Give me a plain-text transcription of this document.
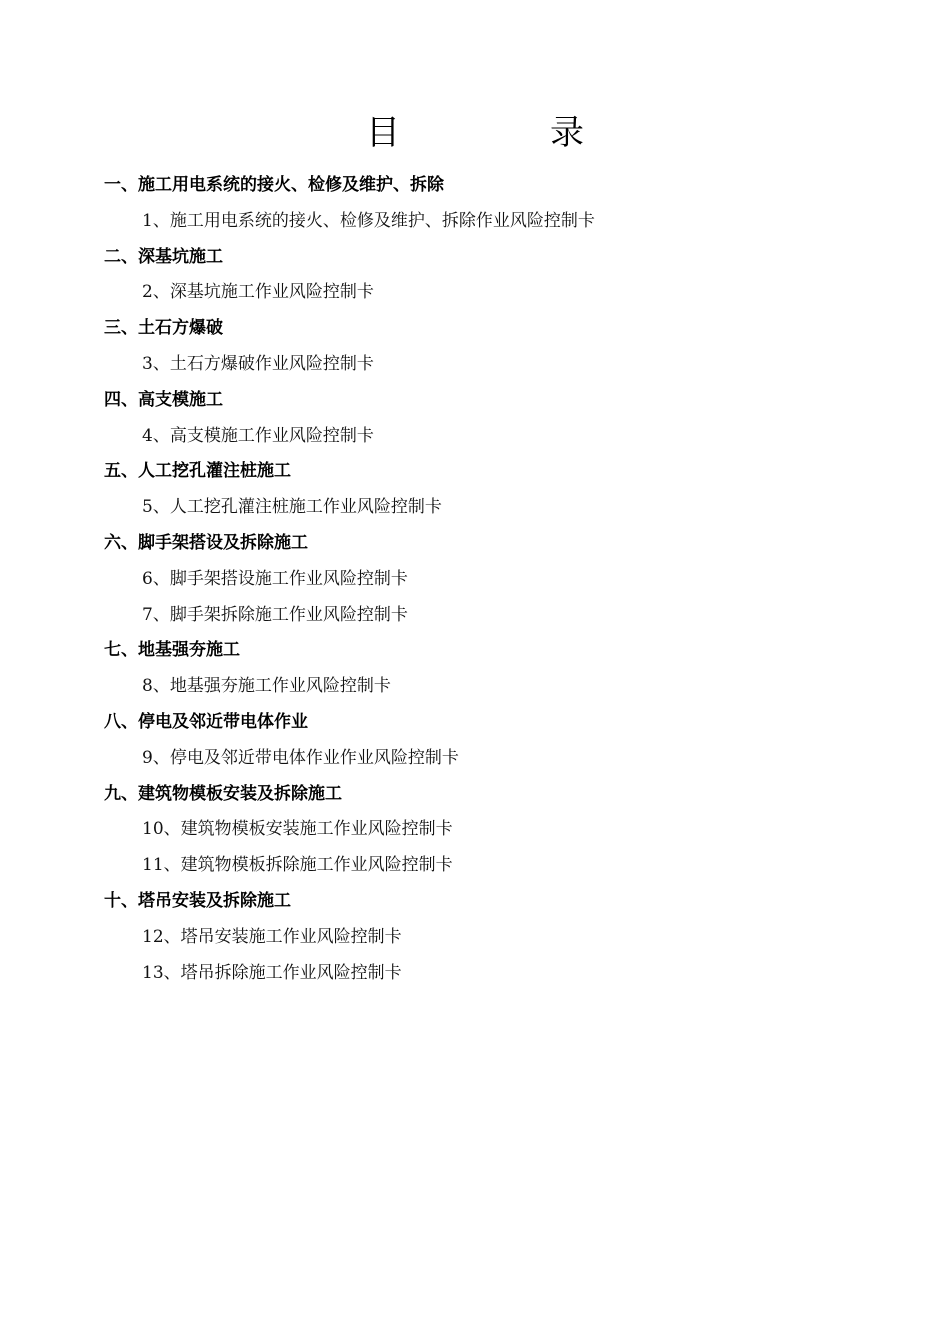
目　录
一、施工用电系统的接火、检修及维护、拆除
1、施工用电系统的接火、检修及维护、拆除作业风险控制卡
二、深基坑施工
2、深基坑施工作业风险控制卡
三、土石方爆破
3、土石方爆破作业风险控制卡
四、高支模施工
4、高支模施工作业风险控制卡
五、人工挖孔灌注桩施工
5、人工挖孔灌注桩施工作业风险控制卡
六、脚手架搭设及拆除施工
6、脚手架搭设施工作业风险控制卡
7、脚手架拆除施工作业风险控制卡
七、地基强夯施工
8、地基强夯施工作业风险控制卡
八、停电及邻近带电体作业
9、停电及邻近带电体作业作业风险控制卡
九、建筑物模板安装及拆除施工
10、建筑物模板安装施工作业风险控制卡
11、建筑物模板拆除施工作业风险控制卡
十、塔吊安装及拆除施工
12、塔吊安装施工作业风险控制卡
13、塔吊拆除施工作业风险控制卡
